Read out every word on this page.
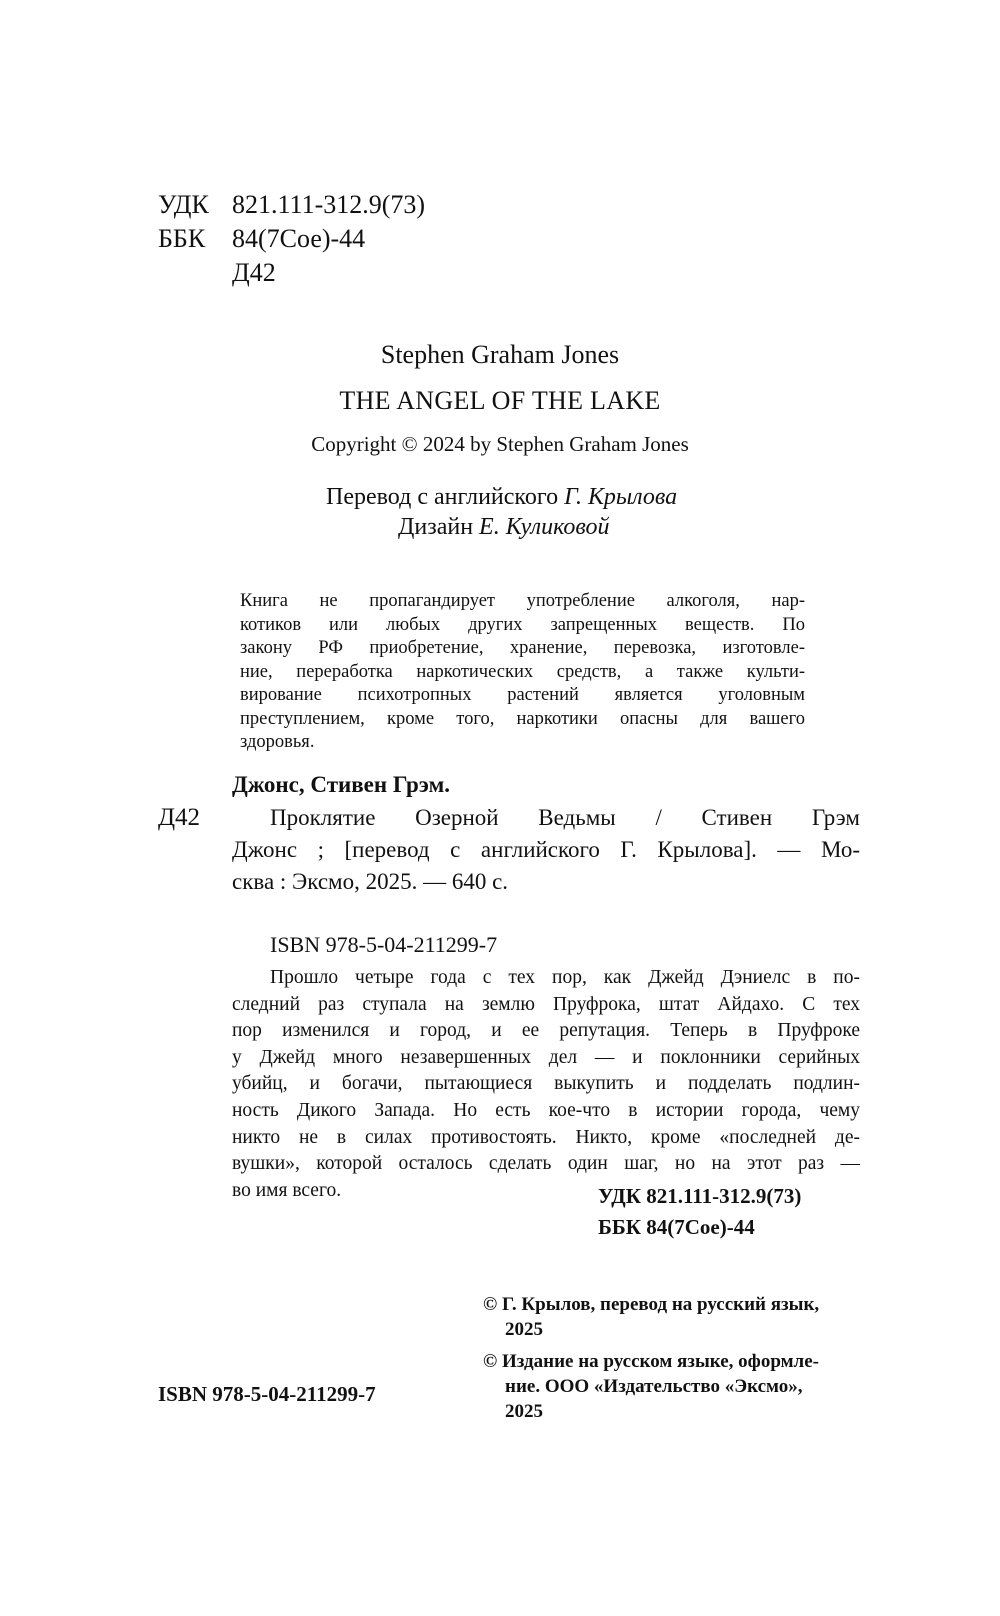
УДК 821.111-312.9(73)
ББК 84(7Сое)-44
Д42
Stephen Graham Jones
THE ANGEL OF THE LAKE
Copyright © 2024 by Stephen Graham Jones
Перевод с английского Г. Крылова
Дизайн Е. Куликовой
Книга не пропагандирует употребление алкоголя, нар-
котиков или любых других запрещенных веществ. По
закону РФ приобретение, хранение, перевозка, изготовле-
ние, переработка наркотических средств, а также культи-
вирование психотропных растений является уголовным
преступлением, кроме того, наркотики опасны для вашего
здоровья.
Джонс, Стивен Грэм.
Д42	Проклятие Озерной Ведьмы / Стивен Грэм
Джонс ; [перевод с английского Г. Крылова]. — Мо-
сква : Эксмо, 2025. — 640 с.
ISBN 978-5-04-211299-7
Прошло четыре года с тех пор, как Джейд Дэниелс в по-
следний раз ступала на землю Пруфрока, штат Айдахо. С тех
пор изменился и город, и ее репутация. Теперь в Пруфроке
у Джейд много незавершенных дел — и поклонники серийных
убийц, и богачи, пытающиеся выкупить и подделать подлин-
ность Дикого Запада. Но есть кое-что в истории города, чему
никто не в силах противостоять. Никто, кроме «последней де-
вушки», которой осталось сделать один шаг, но на этот раз —
во имя всего.	УДК 821.111-312.9(73)
ББК 84(7Сое)-44
© Г. Крылов, перевод на русский язык,
2025
© Издание на русском языке, оформле-
ние. ООО «Издательство «Эксмо»,
2025
ISBN 978-5-04-211299-7
